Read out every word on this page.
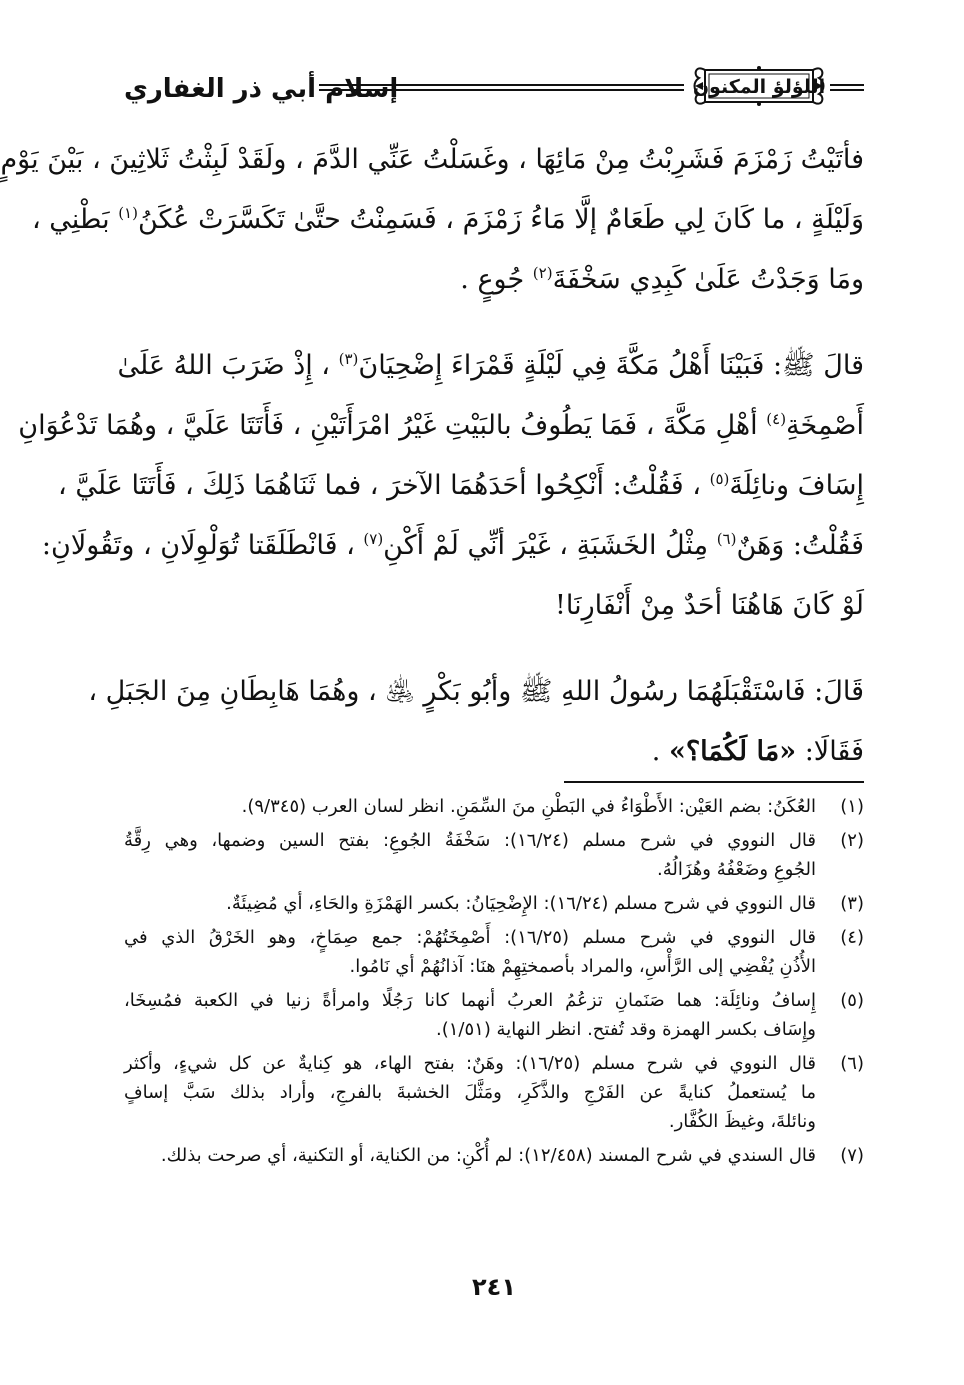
اللؤلؤ المكنون
إسلام أبي ذر الغفاري
فأتَيْتُ زَمْزَمَ فَشَرِبْتُ مِنْ مَائِهَا ، وغَسَلْتُ عَنِّي الدَّمَ ، ولَقَدْ لَبِثْتُ ثَلاثِينَ ، بَيْنَ يَوْمٍ
وَلَيْلَةٍ ، ما كَانَ لِي طَعَامٌ إلَّا مَاءُ زَمْزَمَ ، فَسَمِنْتُ حتَّىٰ تَكَسَّرَتْ عُكَنُ$^{(١)}$ بَطْنِي ،
ومَا وَجَدْتُ عَلَىٰ كَبِدِي سَخْفَةَ$^{(٢)}$ جُوعٍ .
قالَ ﷺ: فَبَيْنَا أَهْلُ مَكَّةَ فِي لَيْلَةٍ قَمْرَاءَ إِضْحِيَانَ$^{(٣)}$ ، إِذْ ضَرَبَ اللهُ عَلَىٰ
أَصْمِخَةِ$^{(٤)}$ أهْلِ مَكَّةَ ، فَمَا يَطُوفُ بالبَيْتِ غَيْرُ امْرَأَتَيْنِ ، فَأَتَتَا عَلَيَّ ، وهُمَا تَدْعُوَانِ
إِسَافَ ونائِلَةَ$^{(٥)}$ ، فَقُلْتُ: أَنْكِحُوا أحَدَهُمَا الآخرَ ، فما ثَنَاهُمَا ذَلِكَ ، فَأَتَتَا عَلَيَّ ،
فَقُلْتُ: وَهَنٌ$^{(٦)}$ مِثْلُ الخَشَبَةِ ، غَيْرَ أنِّي لَمْ أَكْنِ$^{(٧)}$ ، فَانْطَلَقَتا تُوَلْوِلَانِ ، وتَقُولَانِ:
لَوْ كَانَ هَاهُنَا أحَدٌ مِنْ أَنْفَارِنَا!
قَالَ: فَاسْتَقْبَلَهُمَا رسُولُ اللهِ ﷺ وأبُو بَكْرٍ ﵁ ، وهُمَا هَابِطَانِ مِنَ الجَبَلِ ،
فَقَالَا: «مَا لَكُمَا؟» .
(١)
العُكَنُ: بضم العَيْن: الأَطْوَاءُ في البَطْنِ منَ السِّمَنِ. انظر لسان العرب (٩/٣٤٥).
(٢)
قال النووي في شرح مسلم (١٦/٢٤): سَخْفَةُ الجُوعِ: بفتح السين وضمها، وهي رِقَّةُ
الجُوعِ وضَعْفُهُ وهُزَالُهُ.
(٣)
قال النووي في شرح مسلم (١٦/٢٤): الإِضْحِيَانُ: بكسر الهَمْزَةِ والحَاءِ، أي مُضِيئَةٌ.
(٤)
قال النووي في شرح مسلم (١٦/٢٥): أَصْمِخَتُهُمْ: جمع صِمَاخٍ، وهو الخَرْقُ الذي في
الأُذُنِ يُفْضِي إلى الرَّأْسِ، والمراد بأصمختِهِمْ هنَا: آذانُهُمْ أي نَامُوا.
(٥)
إِسافُ ونائِلَة: هما صَنَمانِ تزعُمُ العربُ أنهما كانا رَجُلًا وامرأةً زنيا في الكعبة فمُسِخَا،
وإِسَاف بكسر الهمزة وقد تُفتح. انظر النهاية (١/٥١).
(٦)
قال النووي في شرح مسلم (١٦/٢٥): وهَنٌ: بفتح الهاء، هو كِنايةٌ عن كل شيءٍ، وأكثر
ما يُستعملُ كنايةً عن الفَرْجِ والذَّكَرِ، ومَثَّلَ الخشبةَ بالفرجِ، وأراد بذلك سَبَّ إسافٍ
ونائلةَ، وغيظَ الكُفَّار.
(٧)
قال السندي في شرح المسند (١٢/٤٥٨): لم أُكْنِ: من الكناية، أو التكنية، أي صرحت بذلك.
٢٤١
